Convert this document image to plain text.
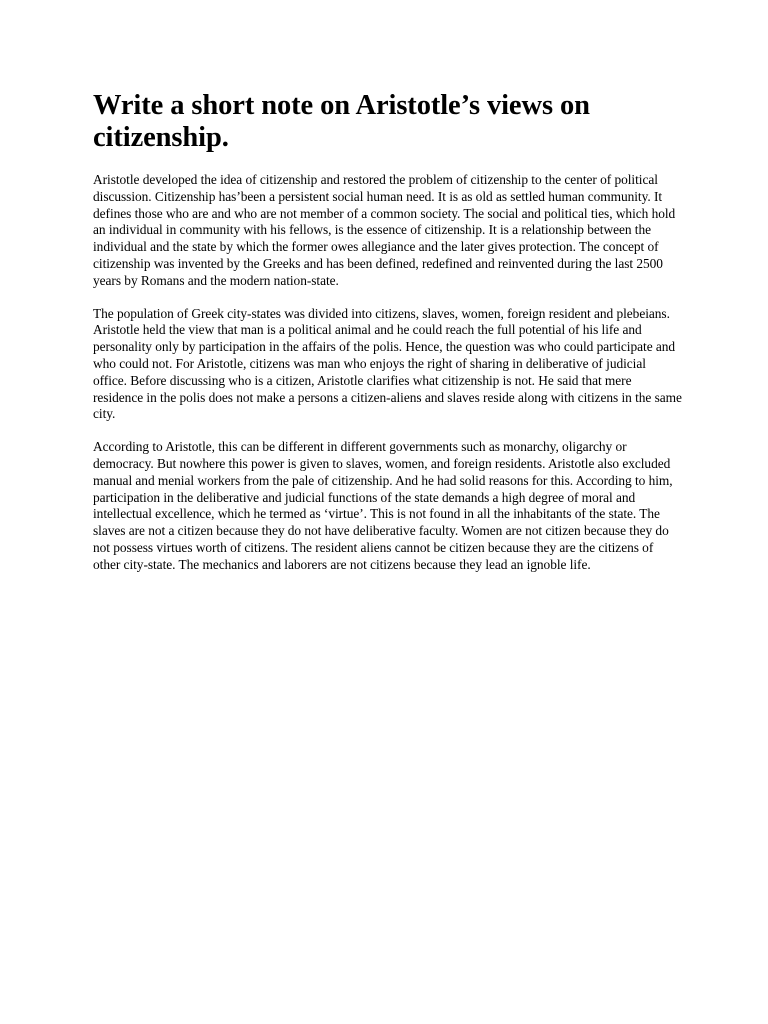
Write a short note on Aristotle’s views on citizenship.

Aristotle developed the idea of citizenship and restored the problem of citizenship to the center of political discussion. Citizenship has’been a persistent social human need. It is as old as settled human community. It defines those who are and who are not member of a common society. The social and political ties, which hold an individual in community with his fellows, is the essence of citizenship. It is a relationship between the individual and the state by which the former owes allegiance and the later gives protection. The concept of citizenship was invented by the Greeks and has been defined, redefined and reinvented during the last 2500 years by Romans and the modern nation-state.

The population of Greek city-states was divided into citizens, slaves, women, foreign resident and plebeians. Aristotle held the view that man is a political animal and he could reach the full potential of his life and personality only by participation in the affairs of the polis. Hence, the question was who could participate and who could not. For Aristotle, citizens was man who enjoys the right of sharing in deliberative of judicial office. Before discussing who is a citizen, Aristotle clarifies what citizenship is not. He said that mere residence in the polis does not make a persons a citizen-aliens and slaves reside along with citizens in the same city.

According to Aristotle, this can be different in different governments such as monarchy, oligarchy or democracy. But nowhere this power is given to slaves, women, and foreign residents. Aristotle also excluded manual and menial workers from the pale of citizenship. And he had solid reasons for this. According to him, participation in the deliberative and judicial functions of the state demands a high degree of moral and intellectual excellence, which he termed as ‘virtue’. This is not found in all the inhabitants of the state. The slaves are not a citizen because they do not have deliberative faculty. Women are not citizen because they do not possess virtues worth of citizens. The resident aliens cannot be citizen because they are the citizens of other city-state. The mechanics and laborers are not citizens because they lead an ignoble life.
